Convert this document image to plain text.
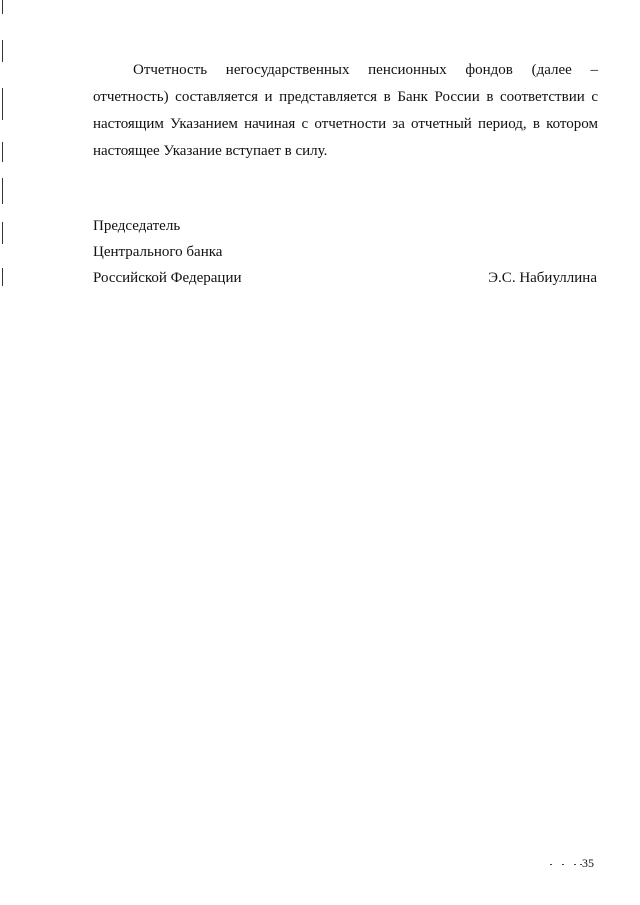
Отчетность негосударственных пенсионных фондов (далее – отчетность) составляется и представляется в Банк России в соответствии с настоящим Указанием начиная с отчетности за отчетный период, в котором настоящее Указание вступает в силу.

Председатель

Центрального банка

Российской Федерации	Э.С. Набиуллина
35
